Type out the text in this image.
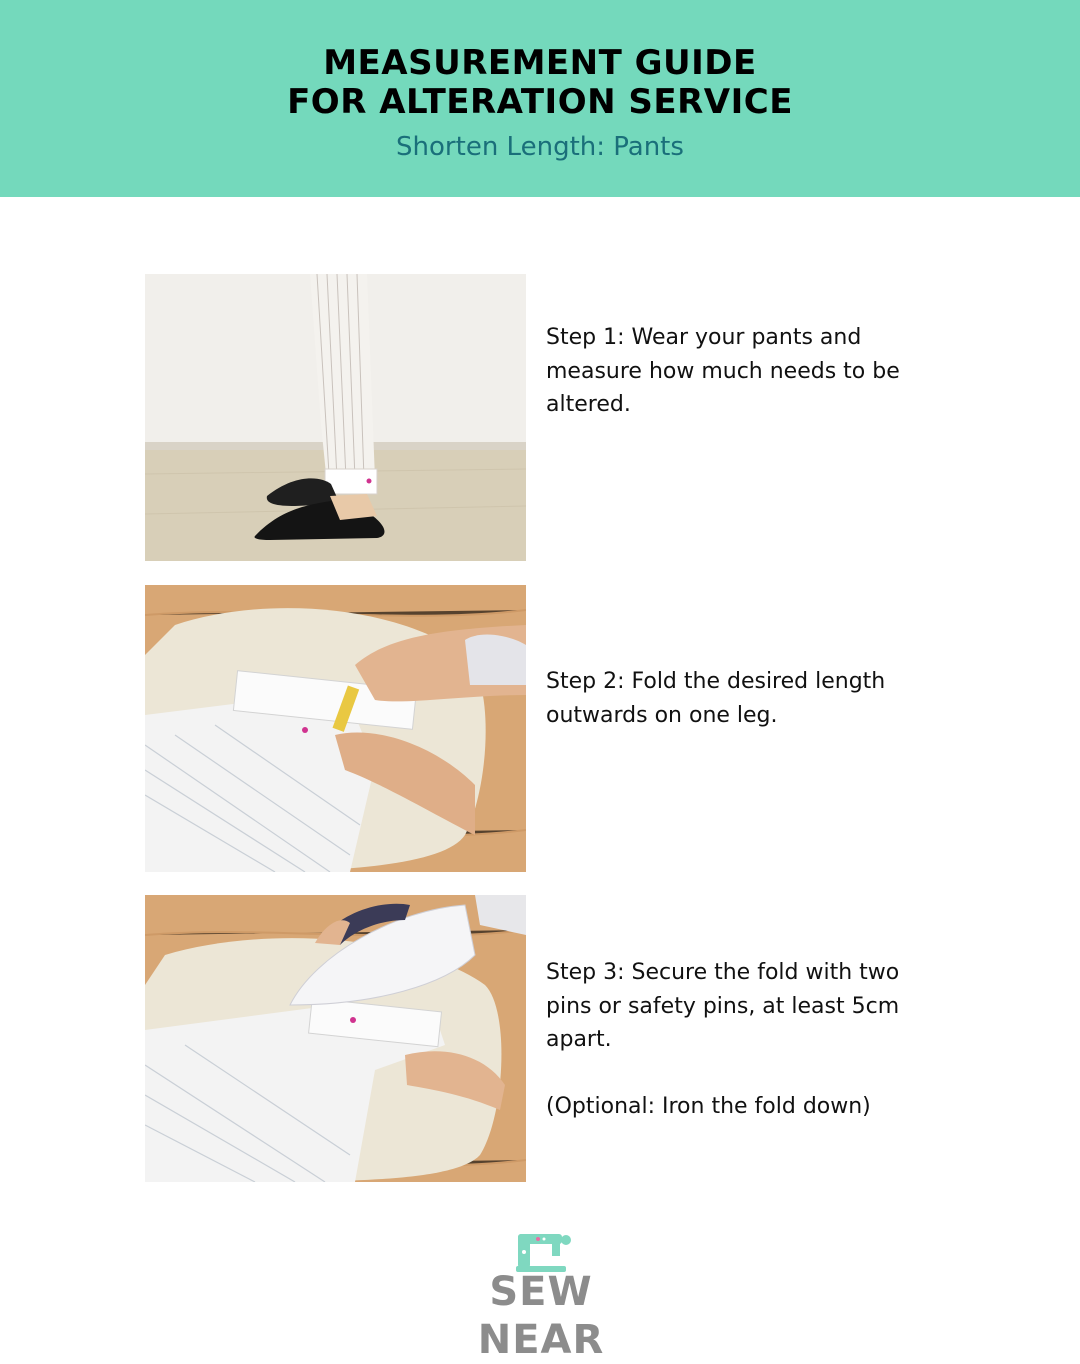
MEASUREMENT GUIDE
FOR ALTERATION SERVICE
Shorten Length: Pants

Step 1: Wear your pants and measure how much needs to be altered.

Step 2: Fold the desired length outwards on one leg.

Step 3: Secure the fold with two pins or safety pins, at least 5cm apart.

(Optional: Iron the fold down)

SEW NEAR
